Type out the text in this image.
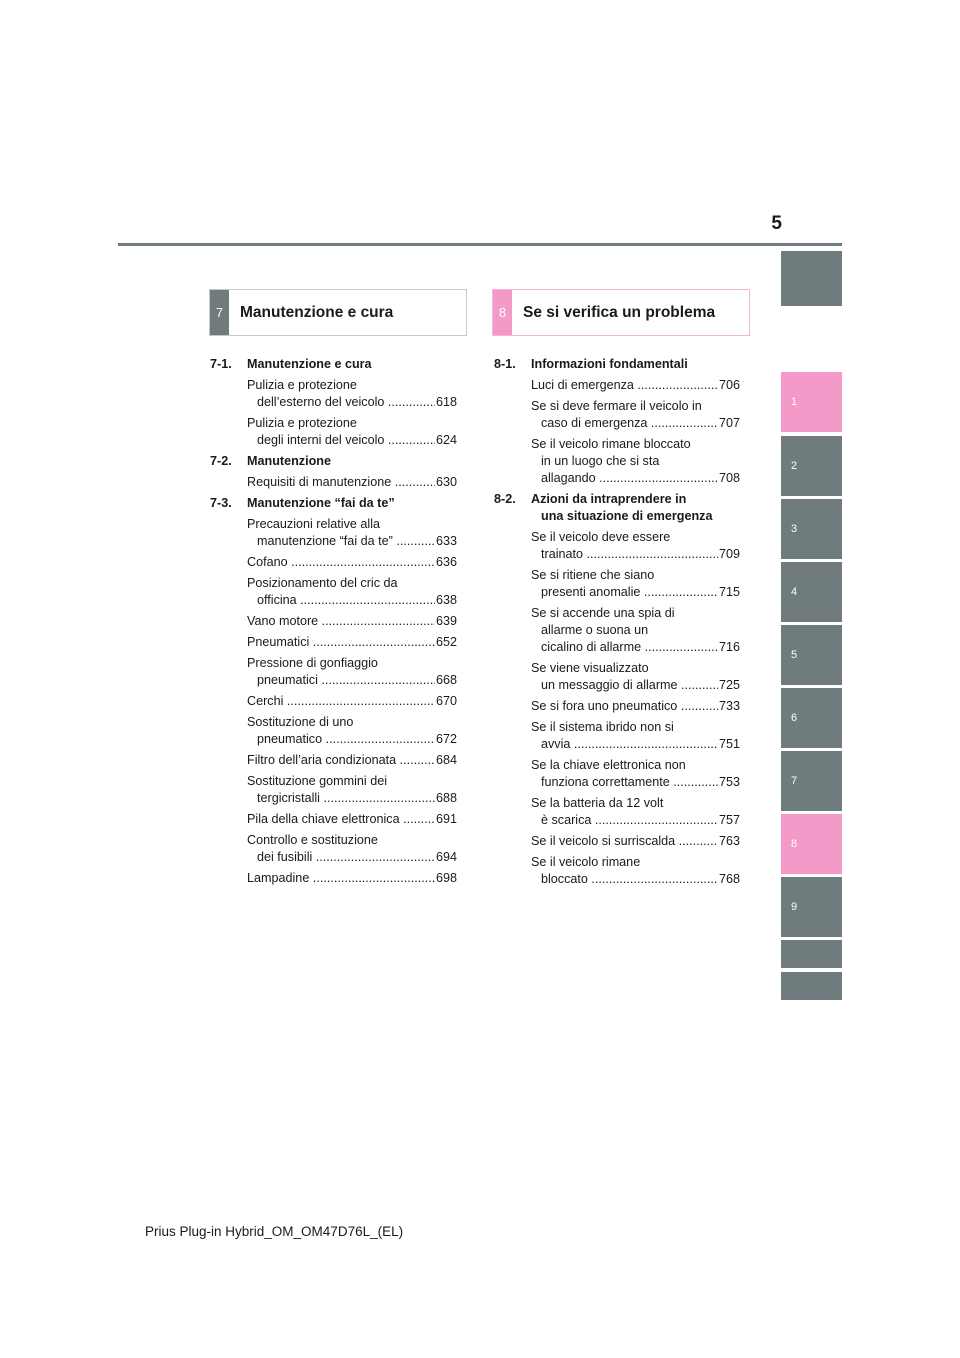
5
1
2
3
4
5
6
7
8
9
7	Manutenzione e cura	8	Se si verifica un problema
7-1. Manutenzione e cura
Pulizia e protezione
dell’esterno del veicolo .....	618
Pulizia e protezione
degli interni del veicolo .....	624
7-2. Manutenzione
Requisiti di manutenzione .....	630
7-3. Manutenzione “fai da te”
Precauzioni relative alla
manutenzione “fai da te” .....	633
Cofano .....	636
Posizionamento del cric da
officina .....	638
Vano motore .....	639
Pneumatici .....	652
Pressione di gonfiaggio
pneumatici .....	668
Cerchi .....	670
Sostituzione di uno
pneumatico .....	672
Filtro dell’aria condizionata .....	684
Sostituzione gommini dei
tergicristalli .....	688
Pila della chiave elettronica .....	691
Controllo e sostituzione
dei fusibili .....	694
Lampadine .....	698
8-1. Informazioni fondamentali
Luci di emergenza .....	706
Se si deve fermare il veicolo in
caso di emergenza .....	707
Se il veicolo rimane bloccato
in un luogo che si sta
allagando .....	708
8-2. Azioni da intraprendere in
una situazione di emergenza
Se il veicolo deve essere
trainato .....	709
Se si ritiene che siano
presenti anomalie .....	715
Se si accende una spia di
allarme o suona un
cicalino di allarme .....	716
Se viene visualizzato
un messaggio di allarme .....	725
Se si fora uno pneumatico .....	733
Se il sistema ibrido non si
avvia .....	751
Se la chiave elettronica non
funziona correttamente .....	753
Se la batteria da 12 volt
è scarica .....	757
Se il veicolo si surriscalda .....	763
Se il veicolo rimane
bloccato .....	768
Prius Plug-in Hybrid_OM_OM47D76L_(EL)
